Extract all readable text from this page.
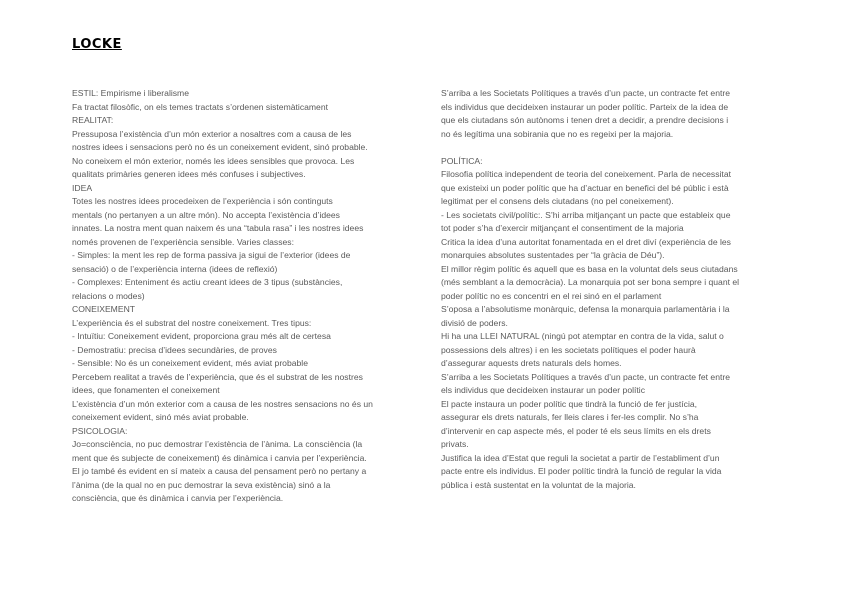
LOCKE
ESTIL: Empirisme i liberalisme
Fa tractat filosòfic, on els temes tractats s’ordenen sistemàticament
REALITAT:
Pressuposa l’existència d’un món exterior a nosaltres com a causa de les
nostres idees i sensacions però no és un coneixement evident, sinó probable.
No coneixem el món exterior, només les idees sensibles que provoca. Les
qualitats primàries generen idees més confuses i subjectives.
IDEA
Totes les nostres idees procedeixen de l’experiència i són continguts
mentals (no pertanyen a un altre món). No accepta l’existència d’idees
innates. La nostra ment quan naixem és una “tabula rasa” i les nostres idees
només provenen de l’experiència sensible. Varies classes:
- Simples: la ment les rep de forma passiva ja sigui de l’exterior (idees de
sensació) o de l’experiència interna (idees de reflexió)
- Complexes: Enteniment és actiu creant idees de 3 tipus (substàncies,
relacions o modes)
CONEIXEMENT
L’experiència és el substrat del nostre coneixement. Tres tipus:
- Intuïtiu: Coneixement evident, proporciona grau més alt de certesa
- Demostratiu: precisa d’idees secundàries, de proves
- Sensible: No és un coneixement evident, més aviat probable
Percebem realitat a través de l’experiència, que és el substrat de les nostres
idees, que fonamenten el coneixement
L’existència d’un món exterior com a causa de les nostres sensacions no és un
coneixement evident, sinó més aviat probable.
PSICOLOGIA:
Jo=consciència, no puc demostrar l’existència de l’ànima. La consciència (la
ment que és subjecte de coneixement) és dinàmica i canvia per l’experiència.
El jo també és evident en sí mateix a causa del pensament però no pertany a
l’ànima (de la qual no en puc demostrar la seva existència) sinó a la
consciència, que és dinàmica i canvia per l’experiència.
S’arriba a les Societats Polítiques a través d’un pacte, un contracte fet entre
els individus que decideixen instaurar un poder polític. Parteix de la idea de
que els ciutadans són autònoms i tenen dret a decidir, a prendre decisions i
no és legítima una sobirania que no es regeixi per la majoria.
POLÍTICA:
Filosofia política independent de teoria del coneixement. Parla de necessitat
que existeixi un poder polític que ha d’actuar en benefici del bé públic i està
legitimat per el consens dels ciutadans (no pel coneixement).
- Les societats civil/polític:. S’hi arriba mitjançant un pacte que estableix que
tot poder s’ha d’exercir mitjançant el consentiment de la majoria
Critica la idea d’una autoritat fonamentada en el dret diví (experiència de les
monarquies absolutes sustentades per “la gràcia de Déu”).
El millor règim polític és aquell que es basa en la voluntat dels seus ciutadans
(més semblant a la democràcia). La monarquia pot ser bona sempre i quant el
poder polític no es concentri en el rei sinó en el parlament
S’oposa a l’absolutisme monàrquic, defensa la monarquia parlamentària i la
divisió de poders.
Hi ha una LLEI NATURAL (ningú pot atemptar en contra de la vida, salut o
possessions dels altres) i en les societats polítiques el poder haurà
d’assegurar aquests drets naturals dels homes.
S’arriba a les Societats Polítiques a través d’un pacte, un contracte fet entre
els individus que decideixen instaurar un poder polític
El pacte instaura un poder polític que tindrà la funció de fer justícia,
assegurar els drets naturals, fer lleis clares i fer-les complir. No s’ha
d’intervenir en cap aspecte més, el poder té els seus límits en els drets
privats.
Justifica la idea d’Estat que reguli la societat a partir de l’establiment d’un
pacte entre els individus. El poder polític tindrà la funció de regular la vida
pública i està sustentat en la voluntat de la majoria.
